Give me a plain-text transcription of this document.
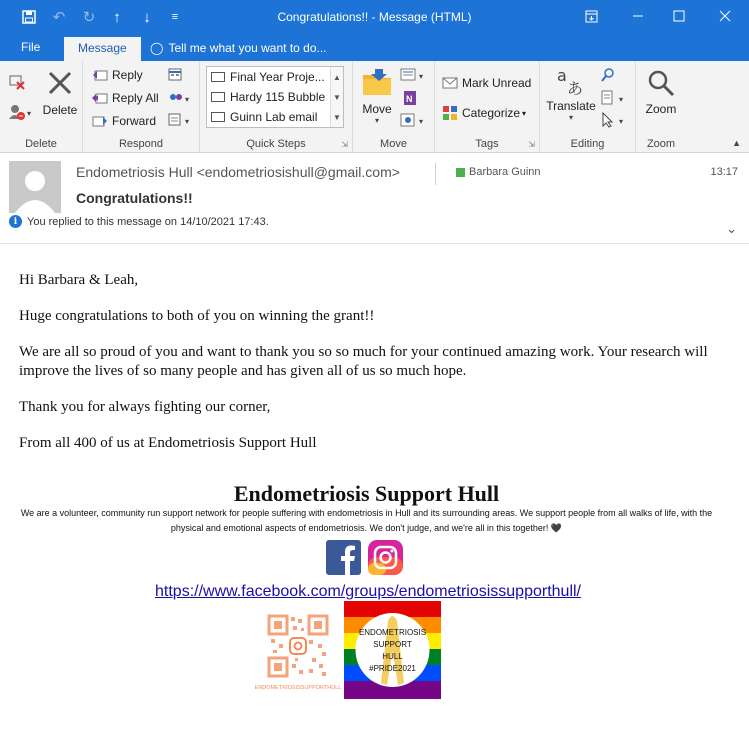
↶	↻	↑	↓	≡	Congratulations!! - Message (HTML)
File	Message	◯ Tell me what you want to do...
▾ Delete
Delete
Reply
Reply All
Forward
▾
▾
Respond	Quick Steps	⇲
Final Year Proje...
Hardy 115 Bubble
Guinn Lab email
▲
▼
▼
Move
▾
▾
N
▾
Move
Mark Unread
Categorize ▾
Tags	⇲
a
あ
Translate
▾
▾
▾
Editing
Zoom
Zoom	▲
Endometriosis Hull <endometriosishull@gmail.com>
Congratulations!!
Barbara Guinn	13:17
i You replied to this message on 14/10/2021 17:43.	⌄

Hi Barbara & Leah,

Huge congratulations to both of you on winning the grant!!

We are all so proud of you and want to thank you so so much for your continued amazing work. Your research will improve the lives of so many people and has given all of us so much hope.

Thank you for always fighting our corner,

From all 400 of us at Endometriosis Support Hull

Endometriosis Support Hull
We are a volunteer, community run support network for people suffering with endometriosis in Hull and its surrounding areas. We support people from all walks of life, with the physical and emotional aspects of endometriosis. We don't judge, and we're all in this together! 🖤
https://www.facebook.com/groups/endometriosissupporthull/
ENDOMETRIOSISSUPPORTHULL
ENDOMETRIOSIS
SUPPORT
HULL
#PRIDE2021
